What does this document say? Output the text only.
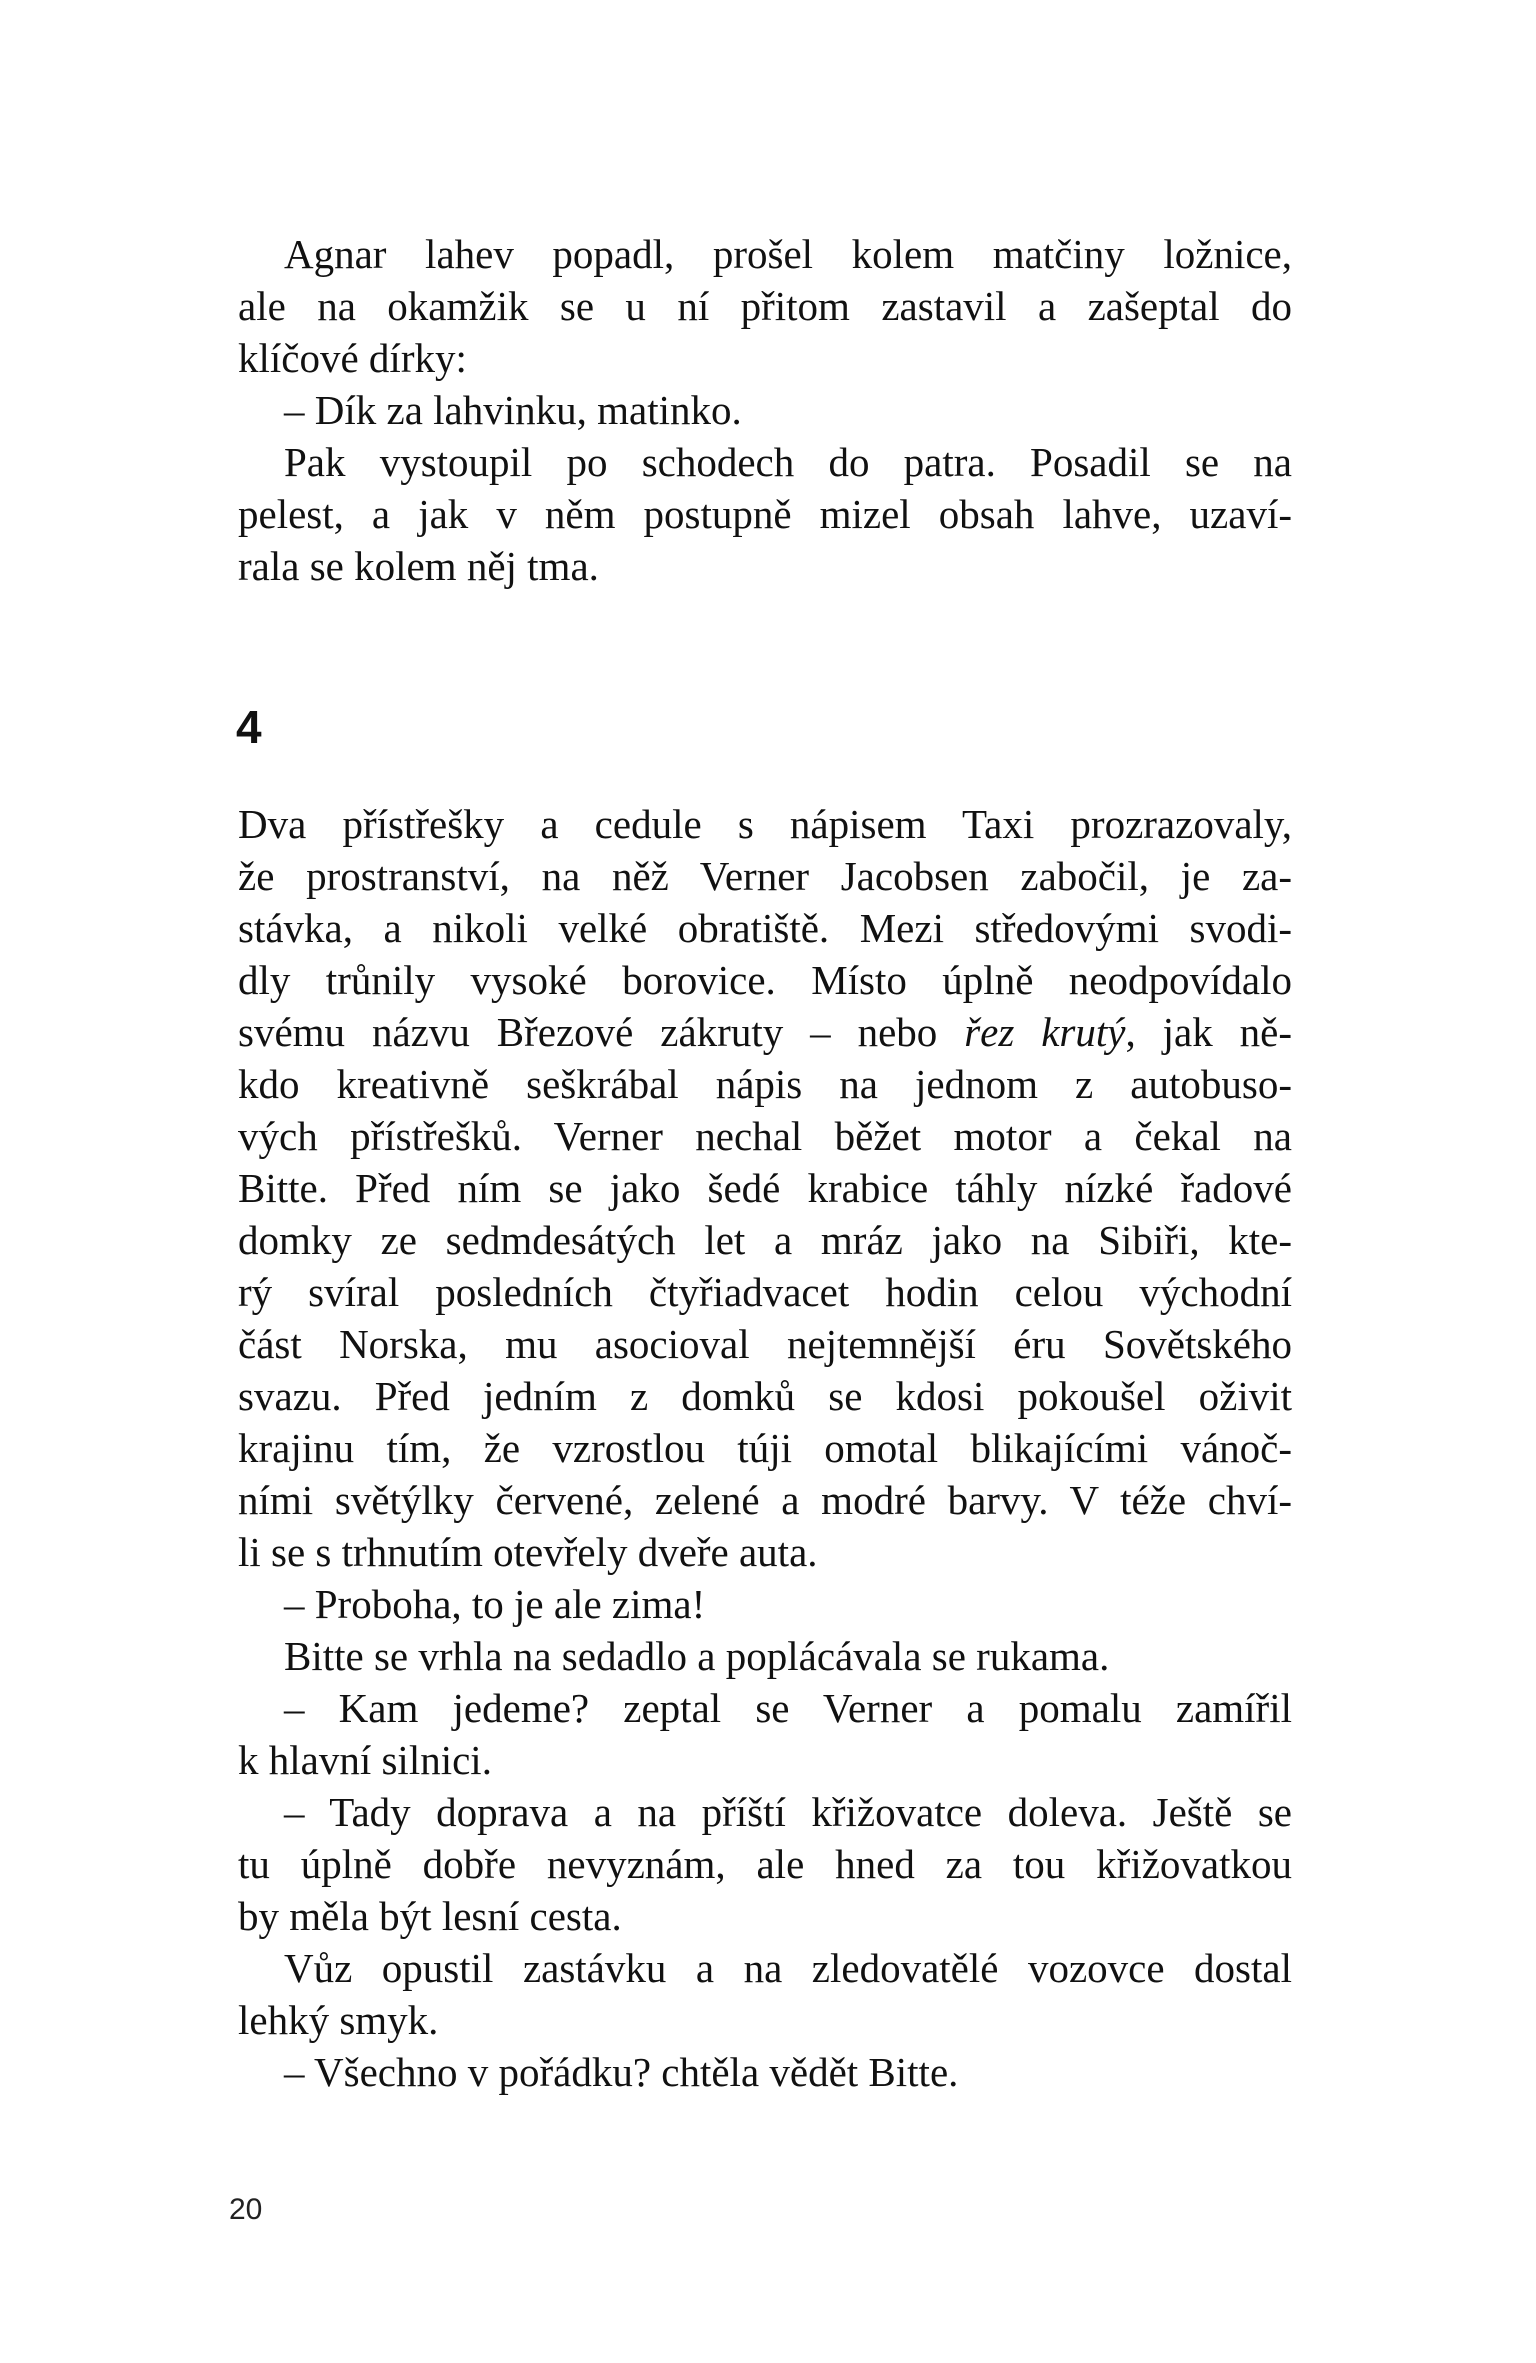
Agnar lahev popadl, prošel kolem matčiny ložnice,
ale na okamžik se u ní přitom zastavil a zašeptal do
klíčové dírky:
– Dík za lahvinku, matinko.
Pak vystoupil po schodech do patra. Posadil se na
pelest, a jak v něm postupně mizel obsah lahve, uzaví-
rala se kolem něj tma.
4
Dva přístřešky a cedule s nápisem Taxi prozrazovaly,
že prostranství, na něž Verner Jacobsen zabočil, je za-
stávka, a nikoli velké obratiště. Mezi středovými svodi-
dly trůnily vysoké borovice. Místo úplně neodpovídalo
svému názvu Březové zákruty – nebo řez krutý, jak ně-
kdo kreativně seškrábal nápis na jednom z autobuso-
vých přístřešků. Verner nechal běžet motor a čekal na
Bitte. Před ním se jako šedé krabice táhly nízké řadové
domky ze sedmdesátých let a mráz jako na Sibiři, kte-
rý svíral posledních čtyřiadvacet hodin celou východní
část Norska, mu asocioval nejtemnější éru Sovětského
svazu. Před jedním z domků se kdosi pokoušel oživit
krajinu tím, že vzrostlou túji omotal blikajícími vánoč-
ními světýlky červené, zelené a modré barvy. V téže chví-
li se s trhnutím otevřely dveře auta.
– Proboha, to je ale zima!
Bitte se vrhla na sedadlo a poplácávala se rukama.
– Kam jedeme? zeptal se Verner a pomalu zamířil
k hlavní silnici.
– Tady doprava a na příští křižovatce doleva. Ještě se
tu úplně dobře nevyznám, ale hned za tou křižovatkou
by měla být lesní cesta.
Vůz opustil zastávku a na zledovatělé vozovce dostal
lehký smyk.
– Všechno v pořádku? chtěla vědět Bitte.
20
